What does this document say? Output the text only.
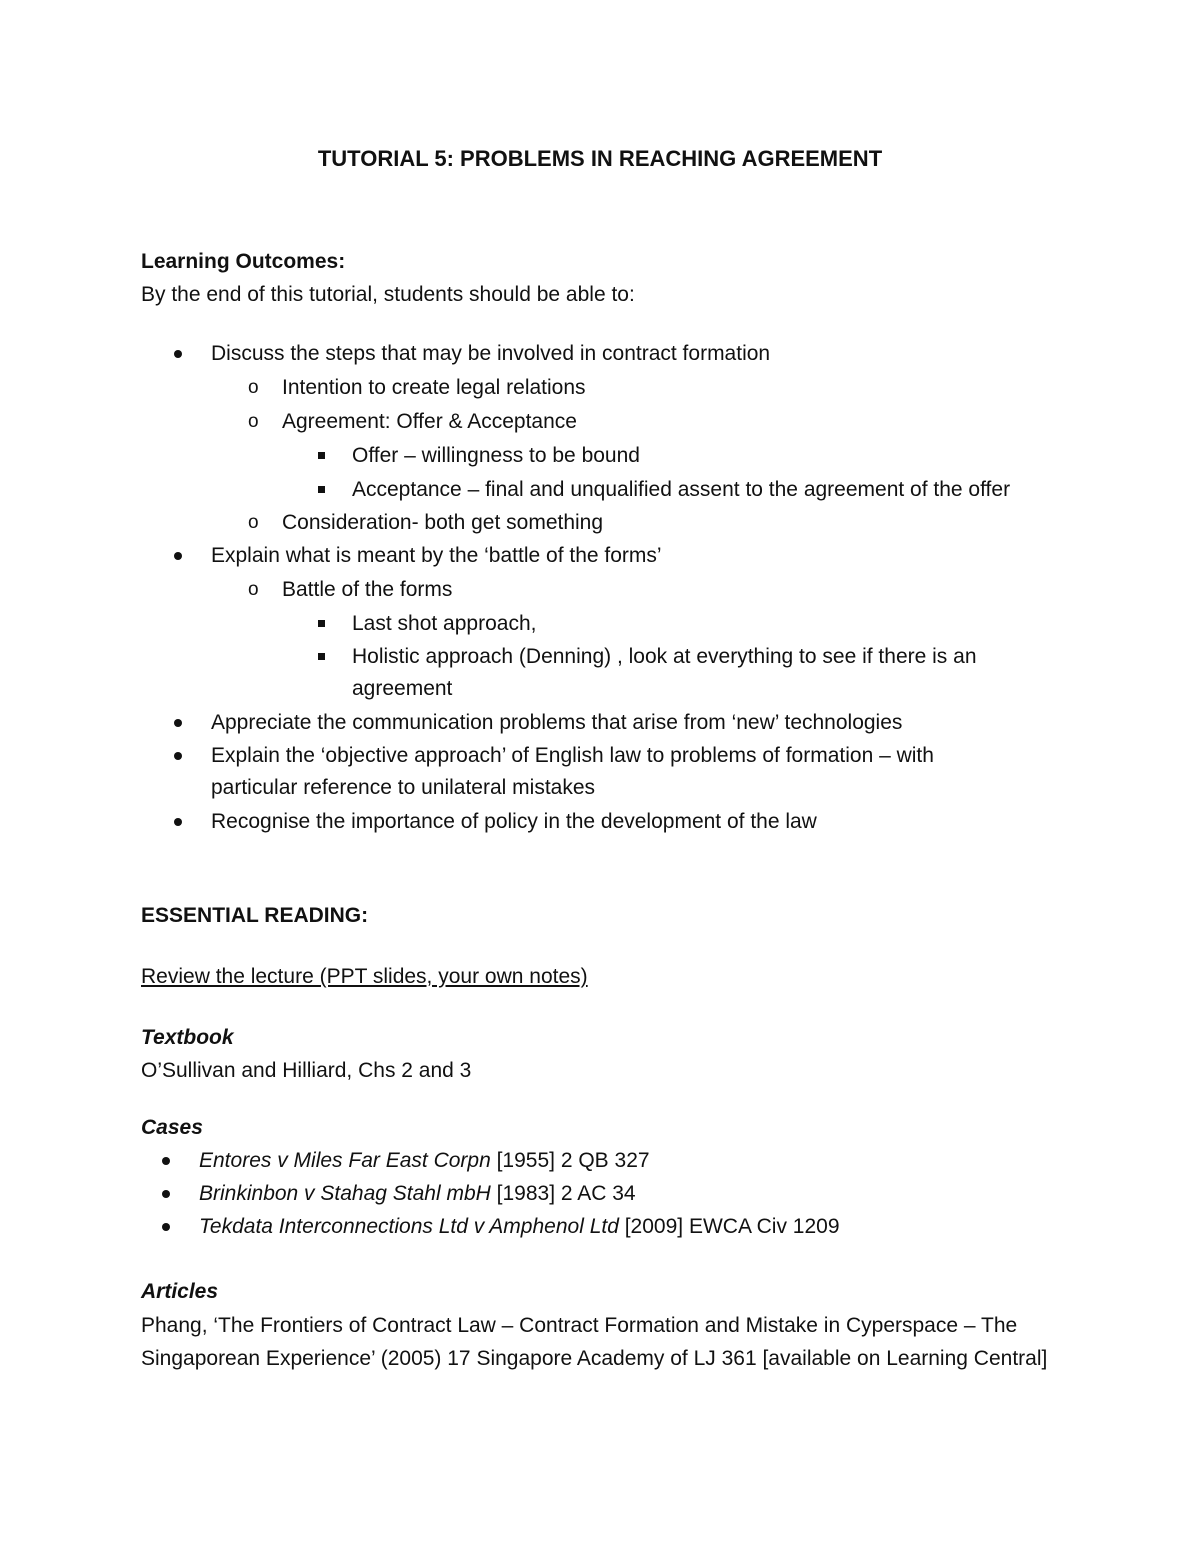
TUTORIAL 5: PROBLEMS IN REACHING AGREEMENT
Learning Outcomes:
By the end of this tutorial, students should be able to:
Discuss the steps that may be involved in contract formation
o Intention to create legal relations
o Agreement: Offer & Acceptance
Offer – willingness to be bound
Acceptance – final and unqualified assent to the agreement of the offer
o Consideration- both get something
Explain what is meant by the ‘battle of the forms’
o Battle of the forms
Last shot approach,
Holistic approach (Denning) , look at everything to see if there is an
agreement
Appreciate the communication problems that arise from ‘new’ technologies
Explain the ‘objective approach’ of English law to problems of formation – with
particular reference to unilateral mistakes
Recognise the importance of policy in the development of the law
ESSENTIAL READING:
Review the lecture (PPT slides, your own notes)
Textbook
O’Sullivan and Hilliard, Chs 2 and 3
Cases
Entores v Miles Far East Corpn [1955] 2 QB 327
Brinkinbon v Stahag Stahl mbH [1983] 2 AC 34
Tekdata Interconnections Ltd v Amphenol Ltd [2009] EWCA Civ 1209
Articles
Phang, ‘The Frontiers of Contract Law – Contract Formation and Mistake in Cyperspace – The
Singaporean Experience’ (2005) 17 Singapore Academy of LJ 361 [available on Learning Central]
